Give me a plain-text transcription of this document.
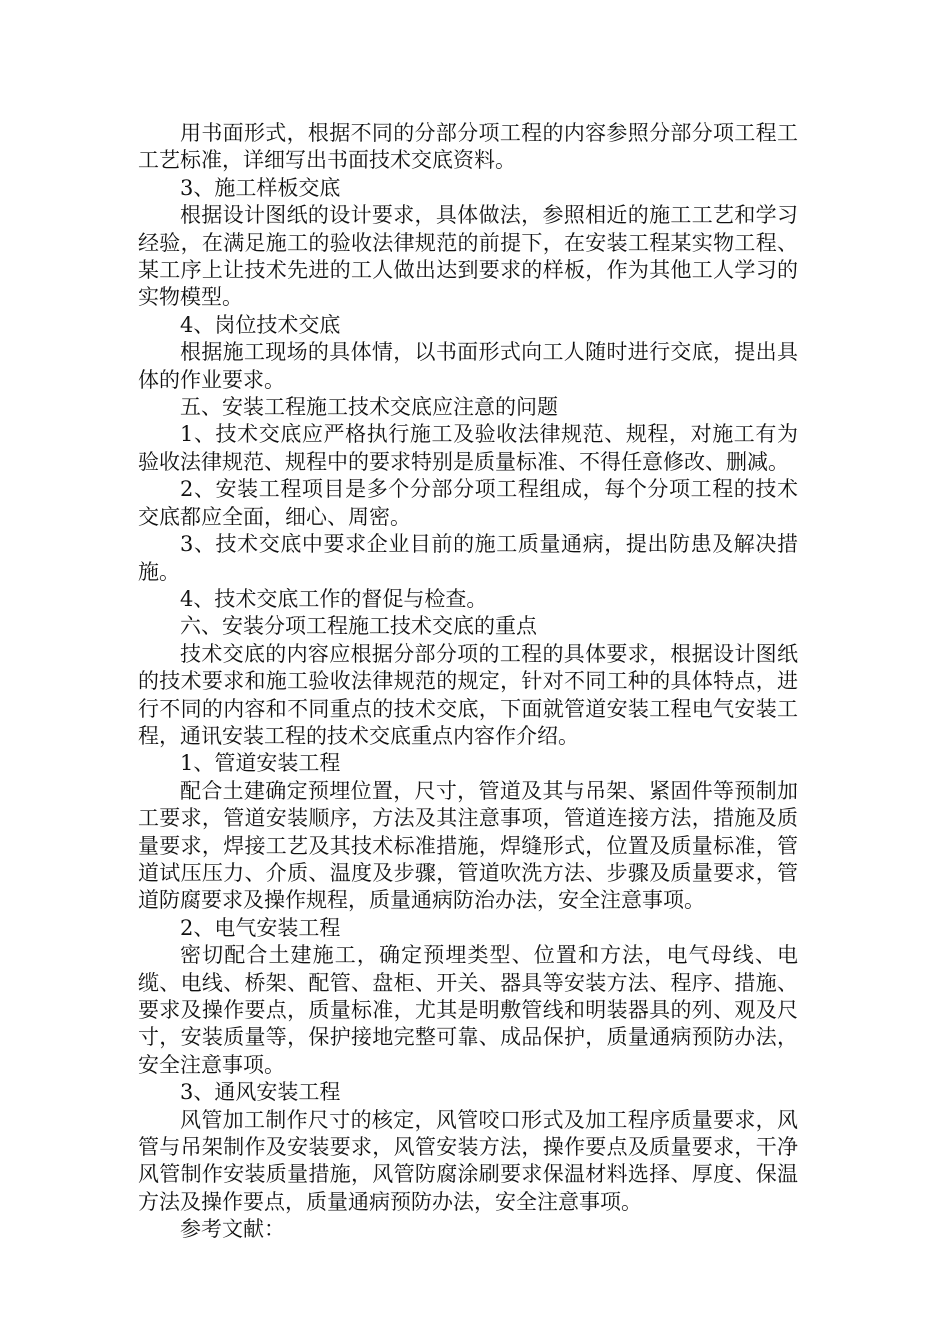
用书面形式，根据不同的分部分项工程的内容参照分部分项工程工工艺标准，详细写出书面技术交底资料。

3、施工样板交底

根据设计图纸的设计要求，具体做法，参照相近的施工工艺和学习经验，在满足施工的验收法律规范的前提下，在安装工程某实物工程、某工序上让技术先进的工人做出达到要求的样板，作为其他工人学习的实物模型。

4、岗位技术交底

根据施工现场的具体情，以书面形式向工人随时进行交底，提出具体的作业要求。

五、安装工程施工技术交底应注意的问题

1、技术交底应严格执行施工及验收法律规范、规程，对施工有为验收法律规范、规程中的要求特别是质量标准、不得任意修改、删减。

2、安装工程项目是多个分部分项工程组成，每个分项工程的技术交底都应全面，细心、周密。

3、技术交底中要求企业目前的施工质量通病，提出防患及解决措施。

4、技术交底工作的督促与检查。

六、安装分项工程施工技术交底的重点

技术交底的内容应根据分部分项的工程的具体要求，根据设计图纸的技术要求和施工验收法律规范的规定，针对不同工种的具体特点，进行不同的内容和不同重点的技术交底，下面就管道安装工程电气安装工程，通讯安装工程的技术交底重点内容作介绍。

1、管道安装工程

配合土建确定预埋位置，尺寸，管道及其与吊架、紧固件等预制加工要求，管道安装顺序，方法及其注意事项，管道连接方法，措施及质量要求，焊接工艺及其技术标准措施，焊缝形式，位置及质量标准，管道试压压力、介质、温度及步骤，管道吹洗方法、步骤及质量要求，管道防腐要求及操作规程，质量通病防治办法，安全注意事项。

2、电气安装工程

密切配合土建施工，确定预埋类型、位置和方法，电气母线、电缆、电线、桥架、配管、盘柜、开关、器具等安装方法、程序、措施、要求及操作要点，质量标准，尤其是明敷管线和明装器具的列、观及尺寸，安装质量等，保护接地完整可靠、成品保护，质量通病预防办法，安全注意事项。

3、通风安装工程

风管加工制作尺寸的核定，风管咬口形式及加工程序质量要求，风管与吊架制作及安装要求，风管安装方法，操作要点及质量要求，干净风管制作安装质量措施，风管防腐涂刷要求保温材料选择、厚度、保温方法及操作要点，质量通病预防办法，安全注意事项。

参考文献：
